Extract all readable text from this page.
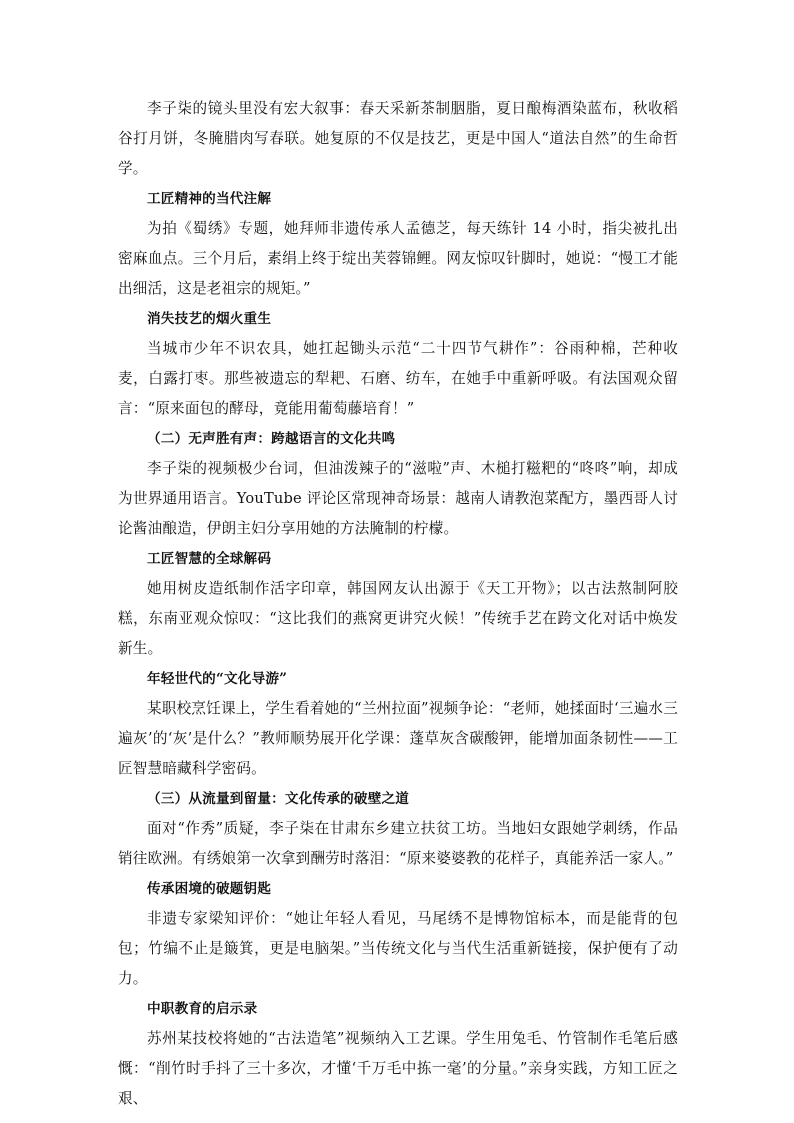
李子柒的镜头里没有宏大叙事：春天采新茶制胭脂，夏日酿梅酒染蓝布，秋收稻谷打月饼，冬腌腊肉写春联。她复原的不仅是技艺，更是中国人“道法自然”的生命哲学。

工匠精神的当代注解

为拍《蜀绣》专题，她拜师非遗传承人孟德芝，每天练针 14 小时，指尖被扎出密麻血点。三个月后，素绢上终于绽出芙蓉锦鲤。网友惊叹针脚时，她说：“慢工才能出细活，这是老祖宗的规矩。”

消失技艺的烟火重生

当城市少年不识农具，她扛起锄头示范“二十四节气耕作”：谷雨种棉，芒种收麦，白露打枣。那些被遗忘的犁耙、石磨、纺车，在她手中重新呼吸。有法国观众留言：“原来面包的酵母，竟能用葡萄藤培育！”

（二）无声胜有声：跨越语言的文化共鸣

李子柒的视频极少台词，但油泼辣子的“滋啦”声、木槌打糍粑的“咚咚”响，却成为世界通用语言。YouTube 评论区常现神奇场景：越南人请教泡菜配方，墨西哥人讨论酱油酿造，伊朗主妇分享用她的方法腌制的柠檬。

工匠智慧的全球解码

她用树皮造纸制作活字印章，韩国网友认出源于《天工开物》；以古法熬制阿胶糕，东南亚观众惊叹：“这比我们的燕窝更讲究火候！”传统手艺在跨文化对话中焕发新生。

年轻世代的“文化导游”

某职校烹饪课上，学生看着她的“兰州拉面”视频争论：“老师，她揉面时‘三遍水三遍灰’的‘灰’是什么？”教师顺势展开化学课：蓬草灰含碳酸钾，能增加面条韧性——工匠智慧暗藏科学密码。

（三）从流量到留量：文化传承的破壁之道

面对“作秀”质疑，李子柒在甘肃东乡建立扶贫工坊。当地妇女跟她学刺绣，作品销往欧洲。有绣娘第一次拿到酬劳时落泪：“原来婆婆教的花样子，真能养活一家人。”

传承困境的破题钥匙

非遗专家梁知评价：“她让年轻人看见，马尾绣不是博物馆标本，而是能背的包包；竹编不止是簸箕，更是电脑架。”当传统文化与当代生活重新链接，保护便有了动力。

中职教育的启示录

苏州某技校将她的“古法造笔”视频纳入工艺课。学生用兔毛、竹管制作毛笔后感慨：“削竹时手抖了三十多次，才懂‘千万毛中拣一毫’的分量。”亲身实践，方知工匠之艰、
